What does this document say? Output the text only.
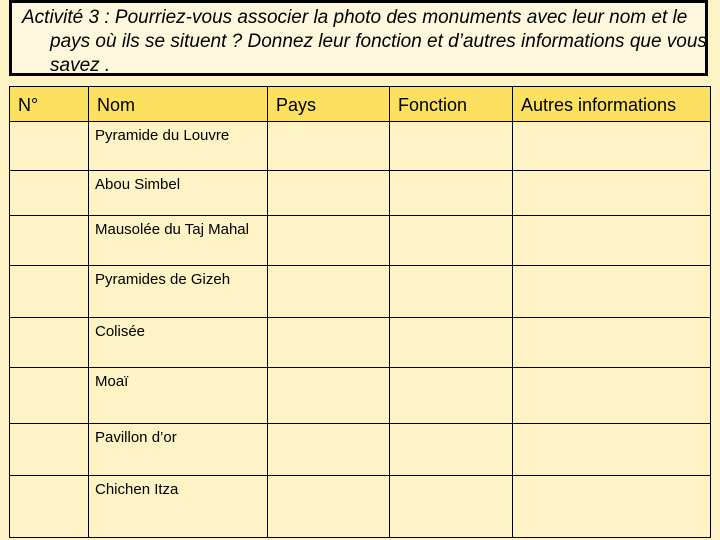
Activité 3 : Pourriez-vous associer la photo des monuments avec leur nom et le pays où ils se situent ? Donnez leur fonction et d’autres informations que vous savez .

N°	Nom	Pays	Fonction	Autres informations

	Pyramide du Louvre			

	Abou Simbel			

	Mausolée du Taj Mahal			

	Pyramides de Gizeh			

	Colisée			

	Moaï			

	Pavillon d’or			

	Chichen Itza			
